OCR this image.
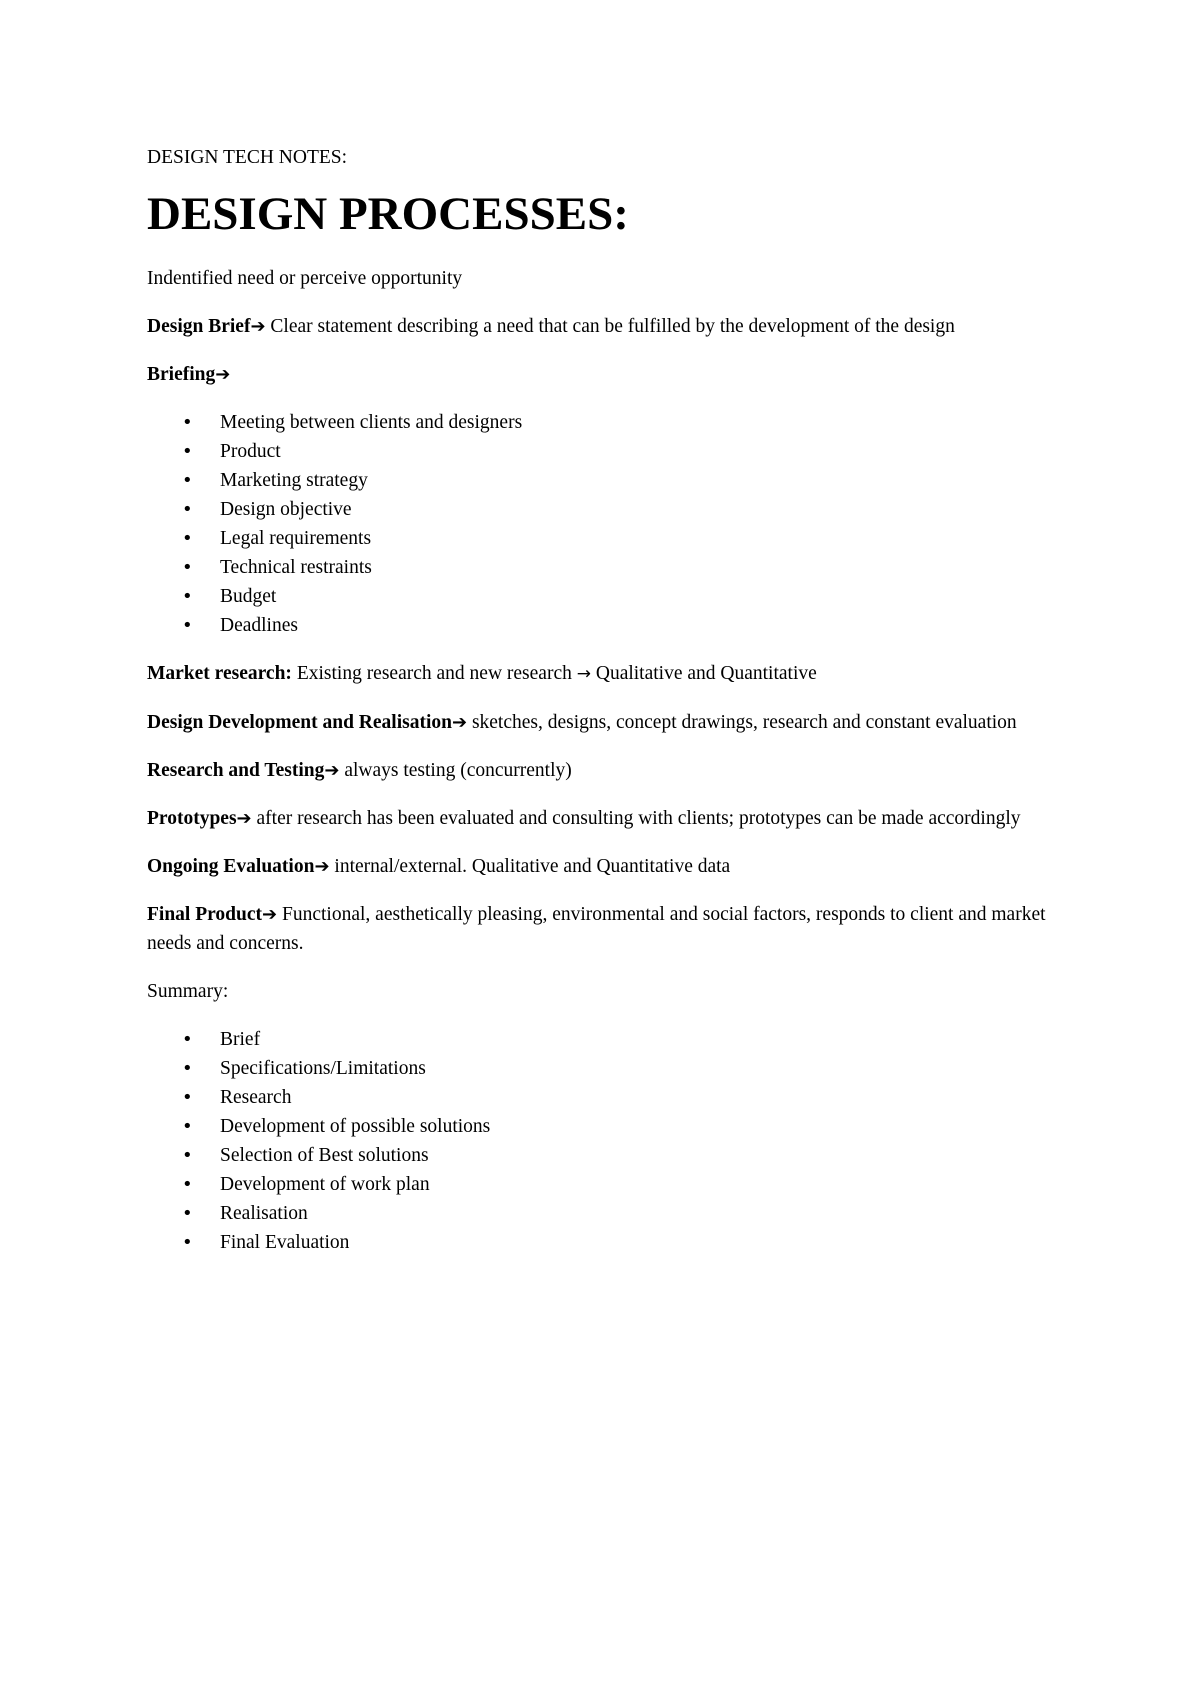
DESIGN TECH NOTES:
DESIGN PROCESSES:

Indentified need or perceive opportunity

Design Brief➔ Clear statement describing a need that can be fulfilled by the development of the design

Briefing➔

• Meeting between clients and designers
• Product
• Marketing strategy
• Design objective
• Legal requirements
• Technical restraints
• Budget
• Deadlines

Market research: Existing research and new research → Qualitative and Quantitative

Design Development and Realisation➔ sketches, designs, concept drawings, research and constant evaluation

Research and Testing➔ always testing (concurrently)

Prototypes➔ after research has been evaluated and consulting with clients; prototypes can be made accordingly

Ongoing Evaluation➔ internal/external. Qualitative and Quantitative data

Final Product➔ Functional, aesthetically pleasing, environmental and social factors, responds to client and market needs and concerns.

Summary:

• Brief
• Specifications/Limitations
• Research
• Development of possible solutions
• Selection of Best solutions
• Development of work plan
• Realisation
• Final Evaluation
